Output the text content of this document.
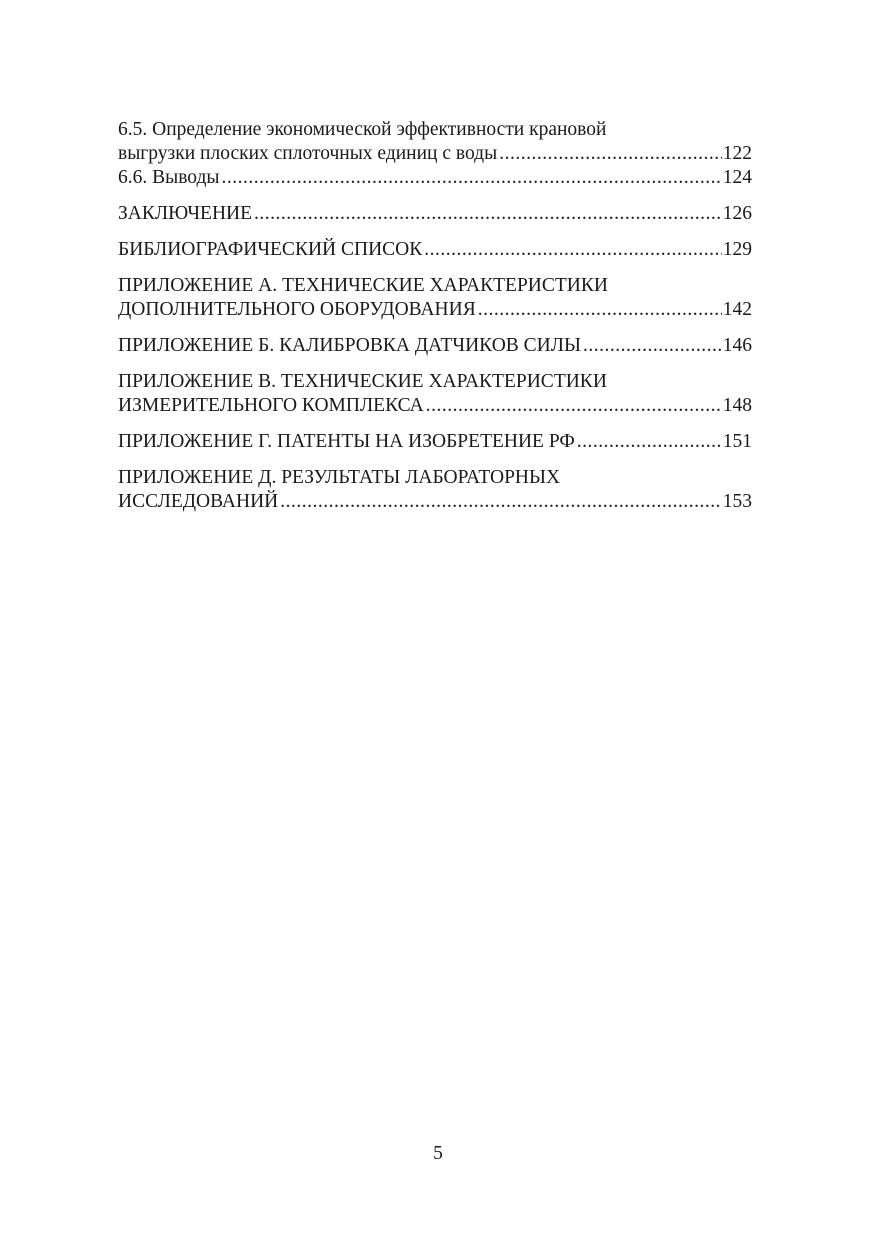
6.5. Определение экономической эффективности крановой
выгрузки плоских сплоточных единиц с воды .....	122
6.6. Выводы .....	124
ЗАКЛЮЧЕНИЕ .....	126
БИБЛИОГРАФИЧЕСКИЙ СПИСОК .....	129
ПРИЛОЖЕНИЕ А. ТЕХНИЧЕСКИЕ ХАРАКТЕРИСТИКИ
ДОПОЛНИТЕЛЬНОГО ОБОРУДОВАНИЯ .....	142
ПРИЛОЖЕНИЕ Б. КАЛИБРОВКА ДАТЧИКОВ СИЛЫ .....	146
ПРИЛОЖЕНИЕ В. ТЕХНИЧЕСКИЕ ХАРАКТЕРИСТИКИ
ИЗМЕРИТЕЛЬНОГО КОМПЛЕКСА .....	148
ПРИЛОЖЕНИЕ Г. ПАТЕНТЫ НА ИЗОБРЕТЕНИЕ РФ .....	151
ПРИЛОЖЕНИЕ Д. РЕЗУЛЬТАТЫ ЛАБОРАТОРНЫХ
ИССЛЕДОВАНИЙ .....	153
5
